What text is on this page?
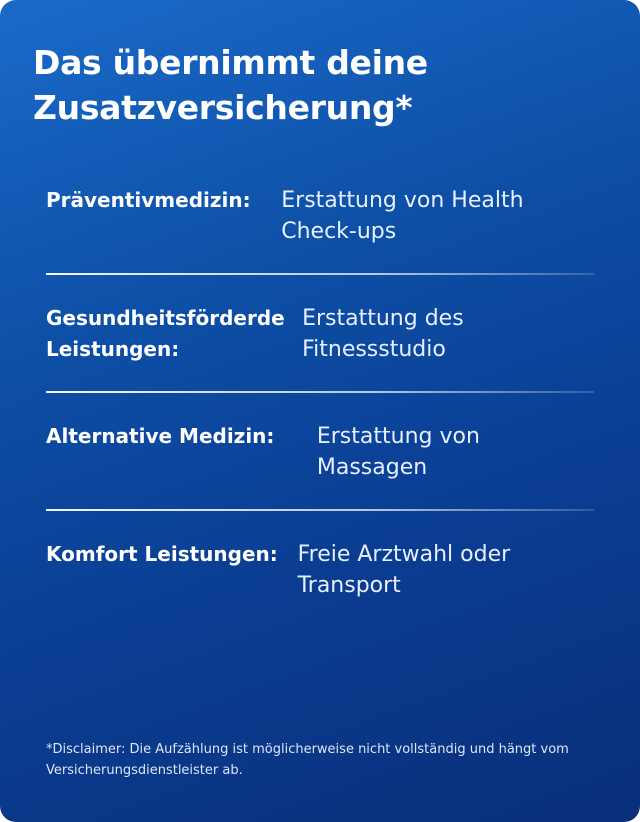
Das übernimmt deine Zusatzversicherung*
Präventivmedizin:	Erstattung von Health Check-ups
Gesundheitsförderde Leistungen:
Erstattung des Fitnessstudio
Alternative Medizin:	Erstattung von Massagen
Komfort Leistungen: Freie Arztwahl oder Transport
*Disclaimer: Die Aufzählung ist möglicherweise nicht vollständig und hängt vom Versicherungsdienstleister ab.
